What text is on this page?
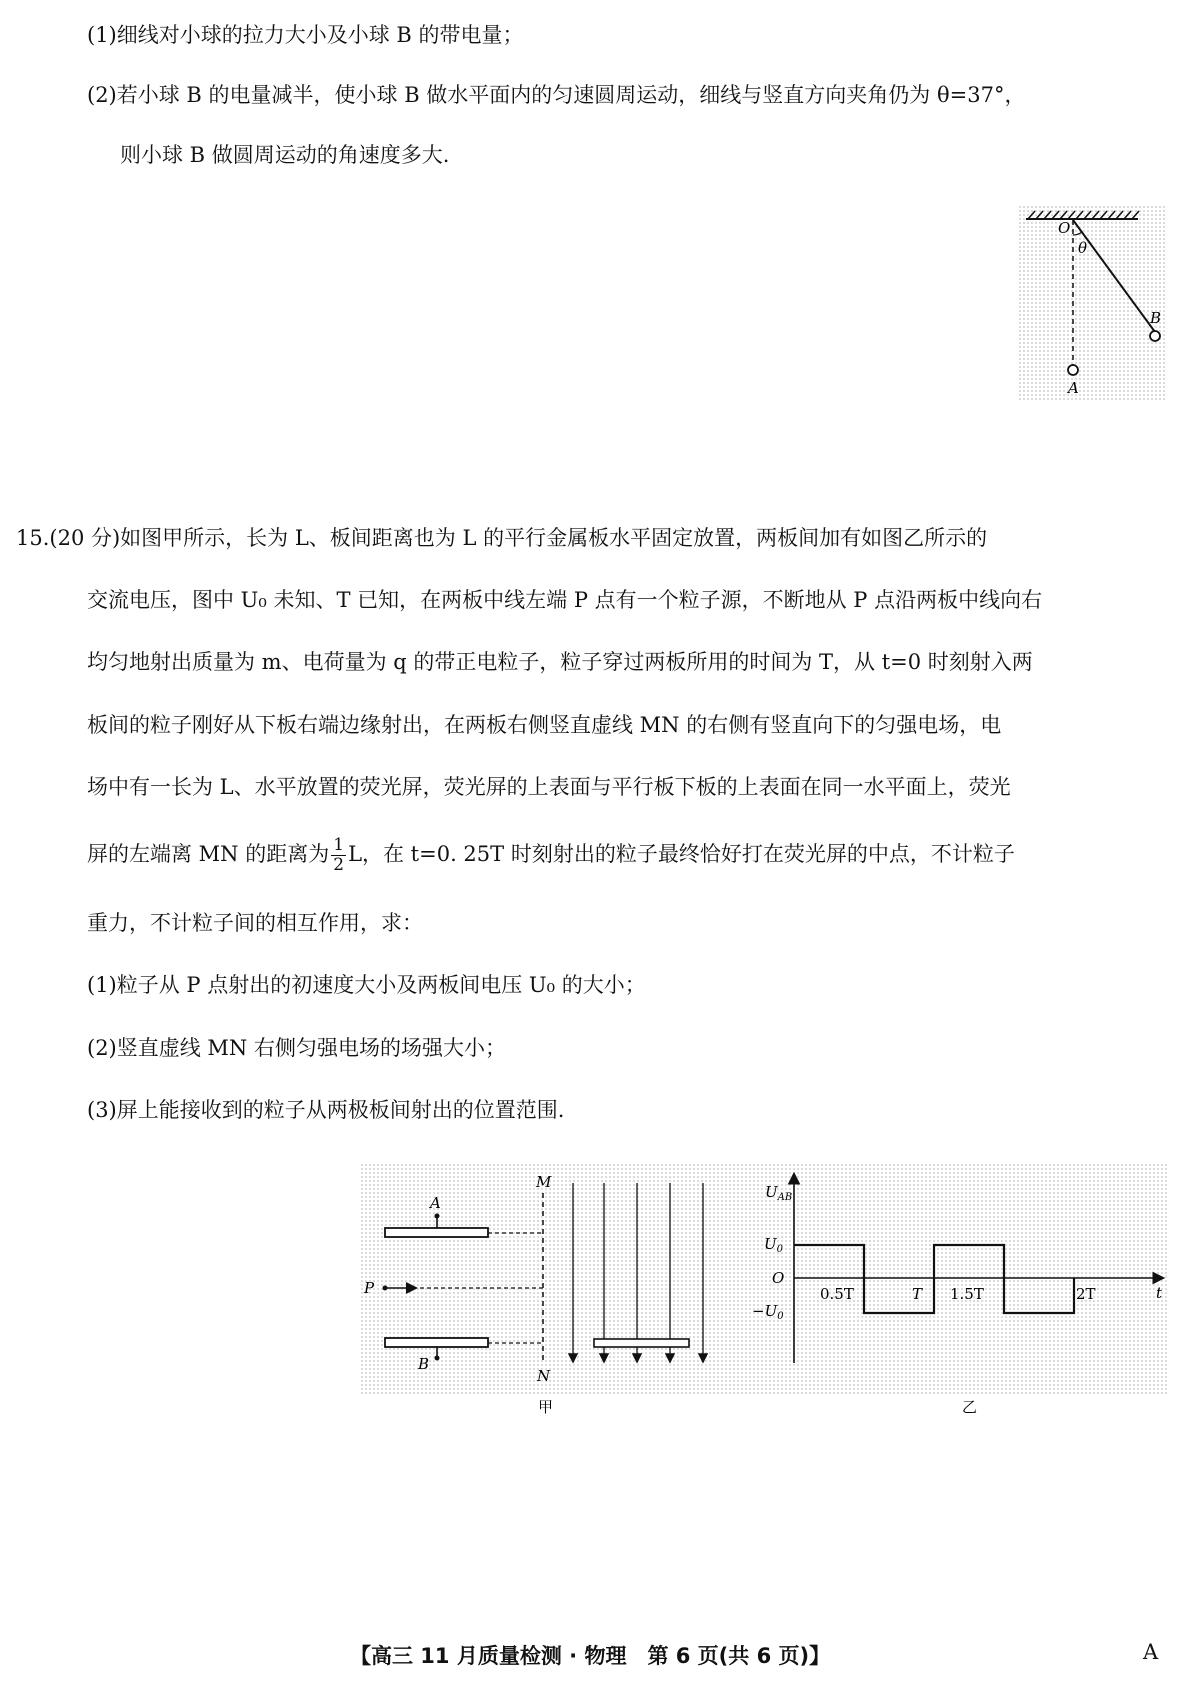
(1)细线对小球的拉力大小及小球 B 的带电量；
(2)若小球 B 的电量减半，使小球 B 做水平面内的匀速圆周运动，细线与竖直方向夹角仍为 θ=37°，
则小球 B 做圆周运动的角速度多大.
O
θ
B
A
15.(20 分)如图甲所示，长为 L、板间距离也为 L 的平行金属板水平固定放置，两板间加有如图乙所示的
交流电压，图中 U₀ 未知、T 已知，在两板中线左端 P 点有一个粒子源，不断地从 P 点沿两板中线向右
均匀地射出质量为 m、电荷量为 q 的带正电粒子，粒子穿过两板所用的时间为 T，从 t=0 时刻射入两
板间的粒子刚好从下板右端边缘射出，在两板右侧竖直虚线 MN 的右侧有竖直向下的匀强电场，电
场中有一长为 L、水平放置的荧光屏，荧光屏的上表面与平行板下板的上表面在同一水平面上，荧光
屏的左端离 MN 的距离为 $\frac{1}{2}$ L，在 t=0. 25T 时刻射出的粒子最终恰好打在荧光屏的中点，不计粒子
重力，不计粒子间的相互作用，求：
(1)粒子从 P 点射出的初速度大小及两板间电压 U₀ 的大小；
(2)竖直虚线 MN 右侧匀强电场的场强大小；
(3)屏上能接收到的粒子从两极板间射出的位置范围.
A
B
P
M
N
甲
$U_{AB}$
t
O
$U_0$
$-U_0$
0.5T	T 1.5T	2T
乙
【高三 11 月质量检测 · 物理　第 6 页(共 6 页)】	A
